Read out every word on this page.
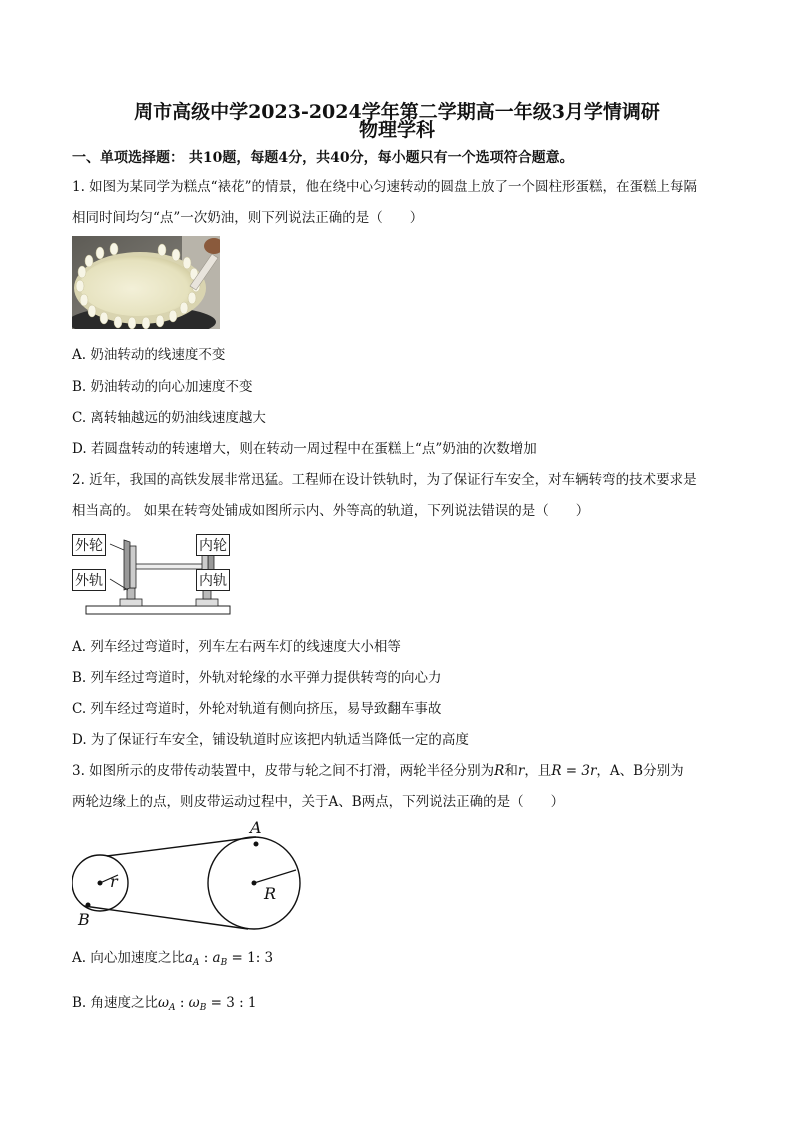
周市高级中学2023-2024学年第二学期高一年级3月学情调研
物理学科
一、单项选择题： 共10题，每题4分，共40分，每小题只有一个选项符合题意。
1. 如图为某同学为糕点“裱花”的情景，他在绕中心匀速转动的圆盘上放了一个圆柱形蛋糕，在蛋糕上每隔
相同时间均匀“点”一次奶油，则下列说法正确的是（　　）
A. 奶油转动的线速度不变
B. 奶油转动的向心加速度不变
C. 离转轴越远的奶油线速度越大
D. 若圆盘转动的转速增大，则在转动一周过程中在蛋糕上“点”奶油的次数增加
2. 近年，我国的高铁发展非常迅猛。工程师在设计铁轨时，为了保证行车安全，对车辆转弯的技术要求是
相当高的。 如果在转弯处铺成如图所示内、外等高的轨道，下列说法错误的是（　　）
外轮
外轨
内轮
内轨
A. 列车经过弯道时，列车左右两车灯的线速度大小相等
B. 列车经过弯道时，外轨对轮缘的水平弹力提供转弯的向心力
C. 列车经过弯道时，外轮对轨道有侧向挤压，易导致翻车事故
D. 为了保证行车安全，铺设轨道时应该把内轨适当降低一定的高度
3. 如图所示的皮带传动装置中，皮带与轮之间不打滑，两轮半径分别为R和r，且R = 3r，A、B分别为
两轮边缘上的点，则皮带运动过程中，关于A、B两点，下列说法正确的是（　　）
A
B
r
R
A. 向心加速度之比$a_A$ : $a_B = 1$: 3
B. 角速度之比$\omega_A$ : $\omega_B = 3$ : 1
